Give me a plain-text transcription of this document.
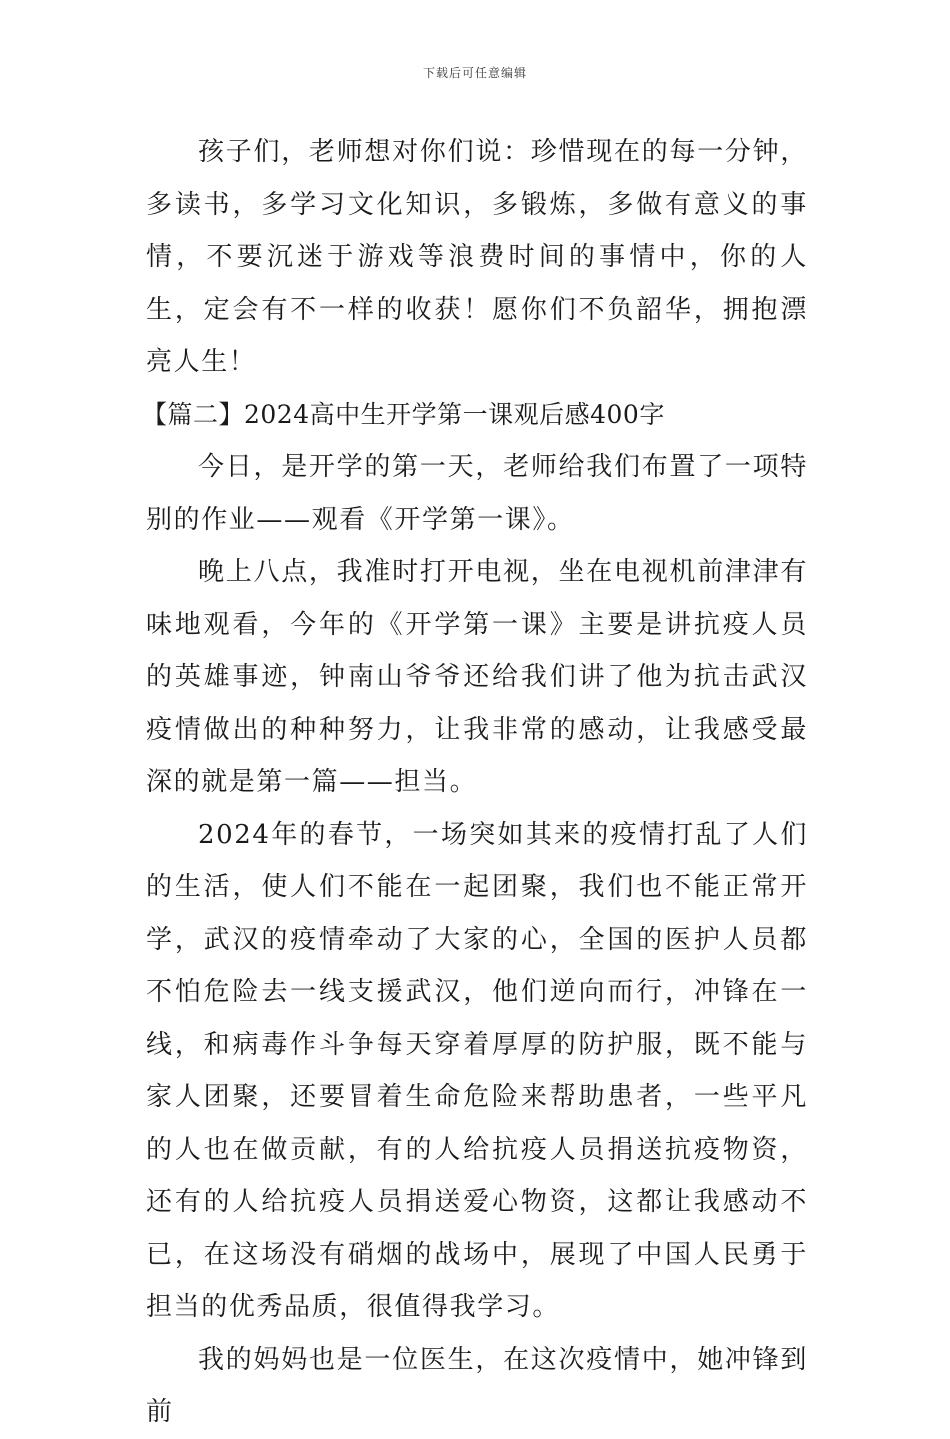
下载后可任意编辑

孩子们，老师想对你们说：珍惜现在的每一分钟，多读书，多学习文化知识，多锻炼，多做有意义的事情，不要沉迷于游戏等浪费时间的事情中，你的人生，定会有不一样的收获！愿你们不负韶华，拥抱漂亮人生！

【篇二】2024高中生开学第一课观后感400字

今日，是开学的第一天，老师给我们布置了一项特别的作业——观看《开学第一课》。

晚上八点，我准时打开电视，坐在电视机前津津有味地观看，今年的《开学第一课》主要是讲抗疫人员的英雄事迹，钟南山爷爷还给我们讲了他为抗击武汉疫情做出的种种努力，让我非常的感动，让我感受最深的就是第一篇——担当。

2024年的春节，一场突如其来的疫情打乱了人们的生活，使人们不能在一起团聚，我们也不能正常开学，武汉的疫情牵动了大家的心，全国的医护人员都不怕危险去一线支援武汉，他们逆向而行，冲锋在一线，和病毒作斗争每天穿着厚厚的防护服，既不能与家人团聚，还要冒着生命危险来帮助患者，一些平凡的人也在做贡献，有的人给抗疫人员捐送抗疫物资，还有的人给抗疫人员捐送爱心物资，这都让我感动不已，在这场没有硝烟的战场中，展现了中国人民勇于担当的优秀品质，很值得我学习。

我的妈妈也是一位医生，在这次疫情中，她冲锋到前
